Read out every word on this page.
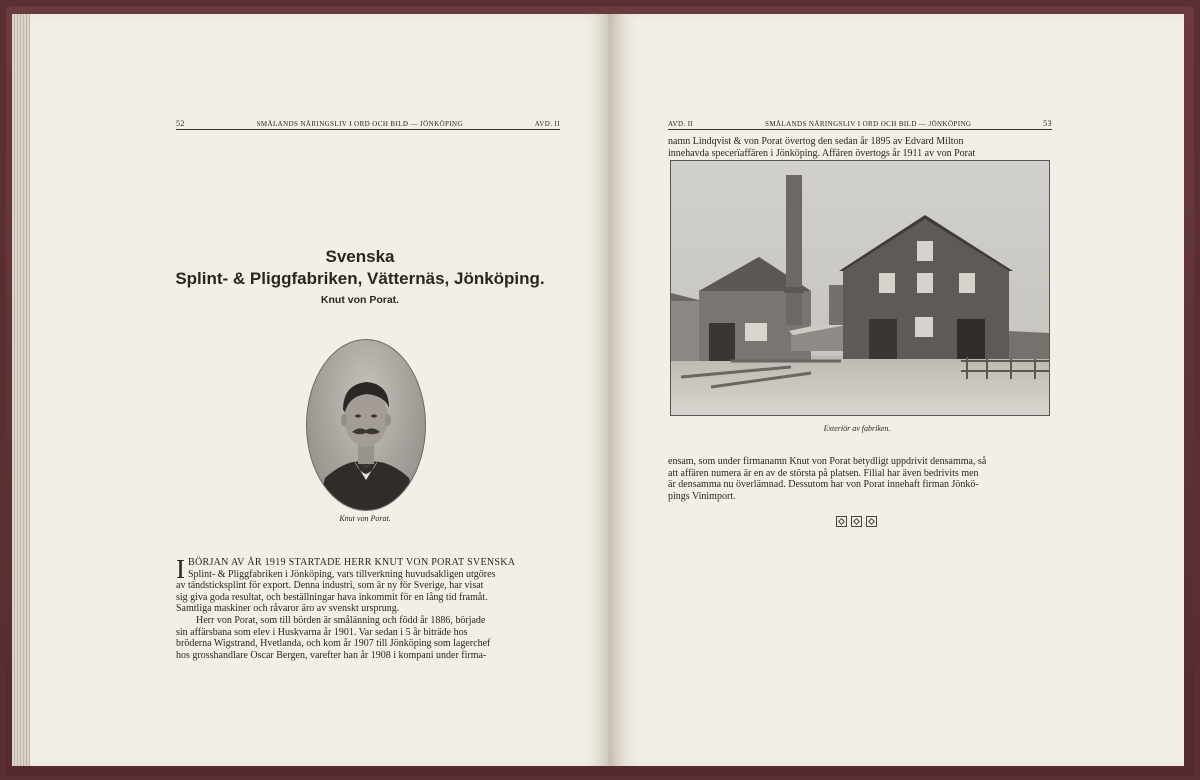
52	SMÅLANDS NÄRINGSLIV I ORD OCH BILD — JÖNKÖPING	AVD. II
Svenska
Splint- & Pliggfabriken, Vätternäs, Jönköping.
Knut von Porat.
Knut von Porat.

I BÖRJAN AV ÅR 1919 STARTADE HERR KNUT VON PORAT SVENSKA
Splint- & Pliggfabriken i Jönköping, vars tillverkning huvudsakligen utgöres
av tändsticksplint för export. Denna industri, som är ny för Sverige, har visat
sig giva goda resultat, och beställningar hava inkommit för en lång tid framåt.
Samtliga maskiner och råvaror äro av svenskt ursprung.

Herr von Porat, som till börden är smålänning och född år 1886, började
sin affärsbana som elev i Huskvarna år 1901. Var sedan i 5 år biträde hos
bröderna Wigstrand, Hvetlanda, och kom år 1907 till Jönköping som lagerchef
hos grosshandlare Oscar Bergen, varefter han år 1908 i kompani under firma-

AVD. II	SMÅLANDS NÄRINGSLIV I ORD OCH BILD — JÖNKÖPING	53

namn Lindqvist & von Porat övertog den sedan år 1895 av Edvard Milton
innehavda specerïaffären i Jönköping. Affären övertogs år 1911 av von Porat

Exteriör av fabriken.

ensam, som under firmanamn Knut von Porat betydligt uppdrivit densamma, så
att affären numera är en av de största på platsen. Filial har även bedrivits men
är densamma nu överlämnad. Dessutom har von Porat innehaft firman Jönkö-
pings Vinimport.
